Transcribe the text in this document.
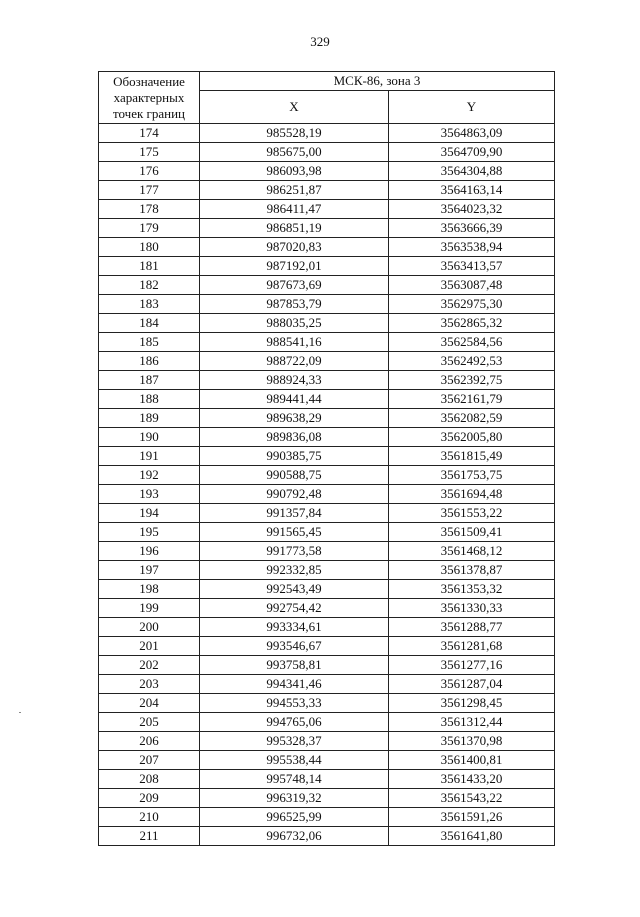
329
Обозначение характерных точек границ	МСК-86, зона 3	
	X	Y
174	985528,19	3564863,09
175	985675,00	3564709,90
176	986093,98	3564304,88
177	986251,87	3564163,14
178	986411,47	3564023,32
179	986851,19	3563666,39
180	987020,83	3563538,94
181	987192,01	3563413,57
182	987673,69	3563087,48
183	987853,79	3562975,30
184	988035,25	3562865,32
185	988541,16	3562584,56
186	988722,09	3562492,53
187	988924,33	3562392,75
188	989441,44	3562161,79
189	989638,29	3562082,59
190	989836,08	3562005,80
191	990385,75	3561815,49
192	990588,75	3561753,75
193	990792,48	3561694,48
194	991357,84	3561553,22
195	991565,45	3561509,41
196	991773,58	3561468,12
197	992332,85	3561378,87
198	992543,49	3561353,32
199	992754,42	3561330,33
200	993334,61	3561288,77
201	993546,67	3561281,68
202	993758,81	3561277,16
203	994341,46	3561287,04
204	994553,33	3561298,45
205	994765,06	3561312,44
206	995328,37	3561370,98
207	995538,44	3561400,81
208	995748,14	3561433,20
209	996319,32	3561543,22
210	996525,99	3561591,26
211	996732,06	3561641,80
